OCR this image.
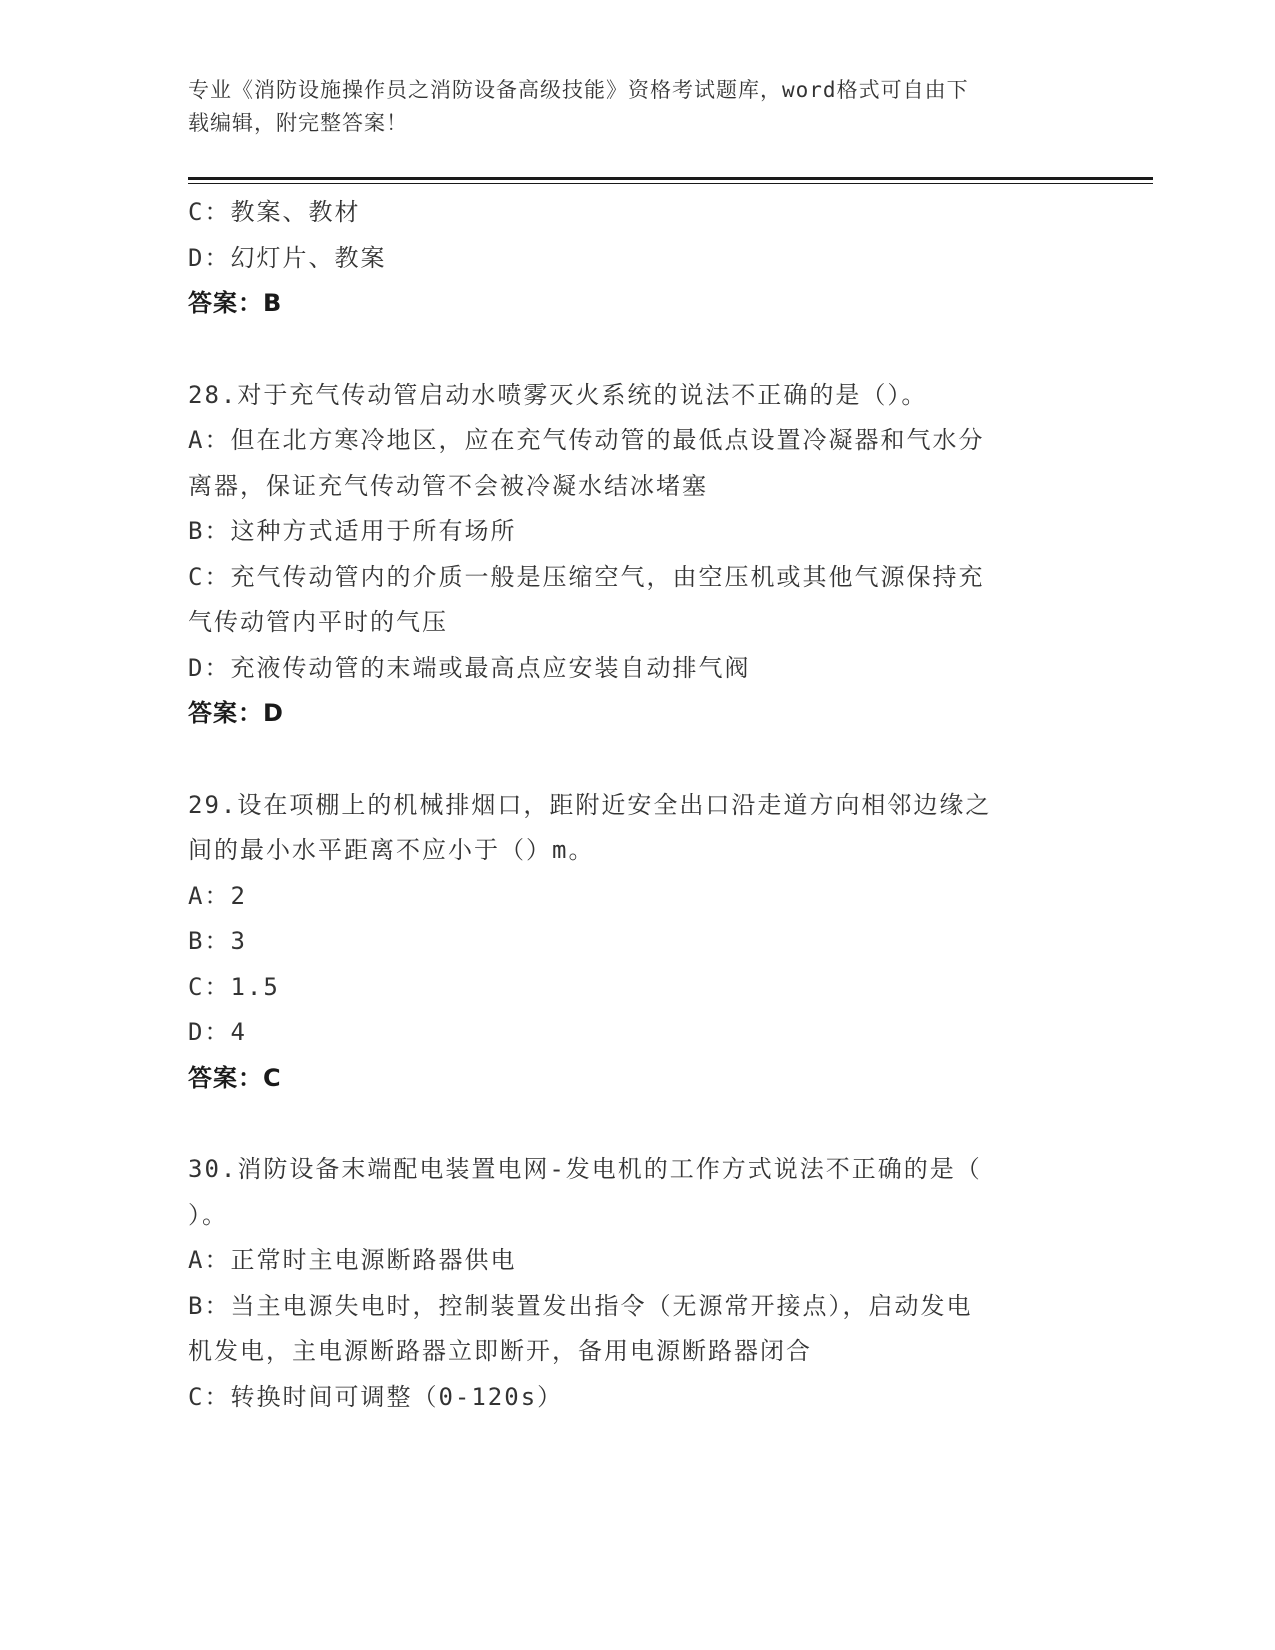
专业《消防设施操作员之消防设备高级技能》资格考试题库，word格式可自由下
载编辑，附完整答案！
C：教案、教材
D：幻灯片、教案
答案：B
28.对于充气传动管启动水喷雾灭火系统的说法不正确的是（）。
A：但在北方寒冷地区，应在充气传动管的最低点设置冷凝器和气水分
离器，保证充气传动管不会被冷凝水结冰堵塞
B：这种方式适用于所有场所
C：充气传动管内的介质一般是压缩空气，由空压机或其他气源保持充
气传动管内平时的气压
D：充液传动管的末端或最高点应安装自动排气阀
答案：D
29.设在项棚上的机械排烟口，距附近安全出口沿走道方向相邻边缘之
间的最小水平距离不应小于（）m。
A：2
B：3
C：1.5
D：4
答案：C
30.消防设备末端配电装置电网-发电机的工作方式说法不正确的是（
）。
A：正常时主电源断路器供电
B：当主电源失电时，控制装置发出指令（无源常开接点），启动发电
机发电，主电源断路器立即断开，备用电源断路器闭合
C：转换时间可调整（0-120s）
